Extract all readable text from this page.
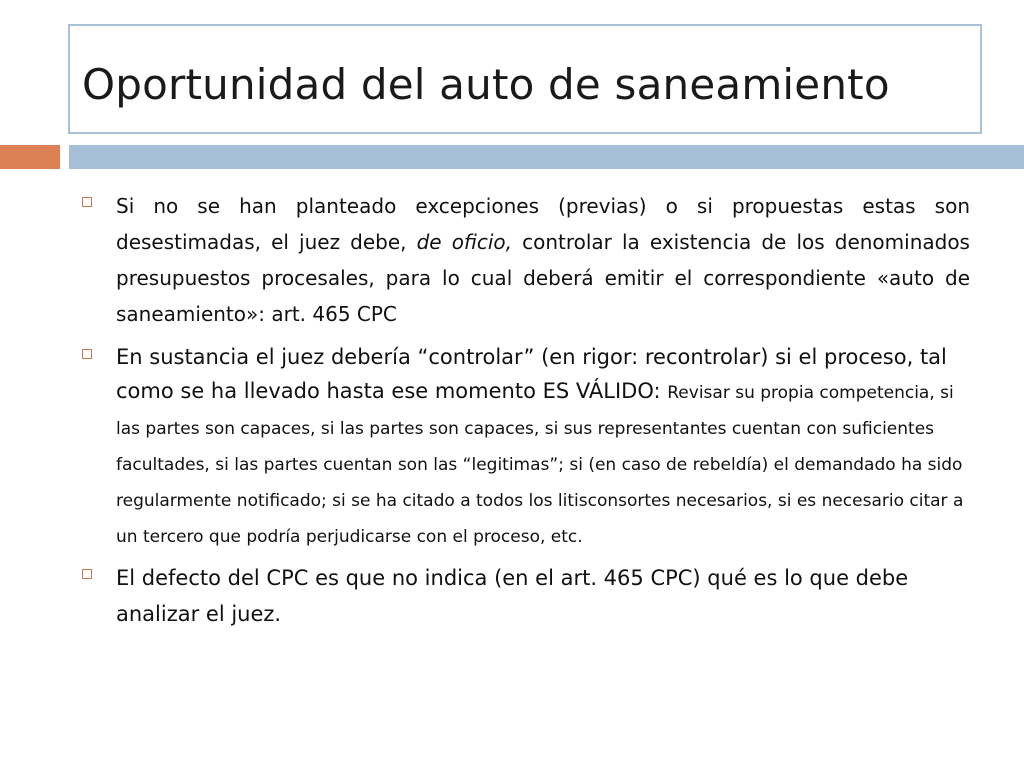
Oportunidad del auto de saneamiento
Si no se han planteado excepciones (previas) o si propuestas estas son desestimadas, el juez debe, de oficio, controlar la existencia de los denominados presupuestos procesales, para lo cual deberá emitir el correspondiente «auto de saneamiento»: art. 465 CPC
En sustancia el juez debería “controlar” (en rigor: recontrolar) si el proceso, tal como se ha llevado hasta ese momento ES VÁLIDO: Revisar su propia competencia, si las partes son capaces, si las partes son capaces, si sus representantes cuentan con suficientes facultades, si las partes cuentan son las “legitimas”; si (en caso de rebeldía) el demandado ha sido regularmente notificado; si se ha citado a todos los litisconsortes necesarios, si es necesario citar a un tercero que podría perjudicarse con el proceso, etc.
El defecto del CPC es que no indica (en el art. 465 CPC) qué es lo que debe analizar el juez.
